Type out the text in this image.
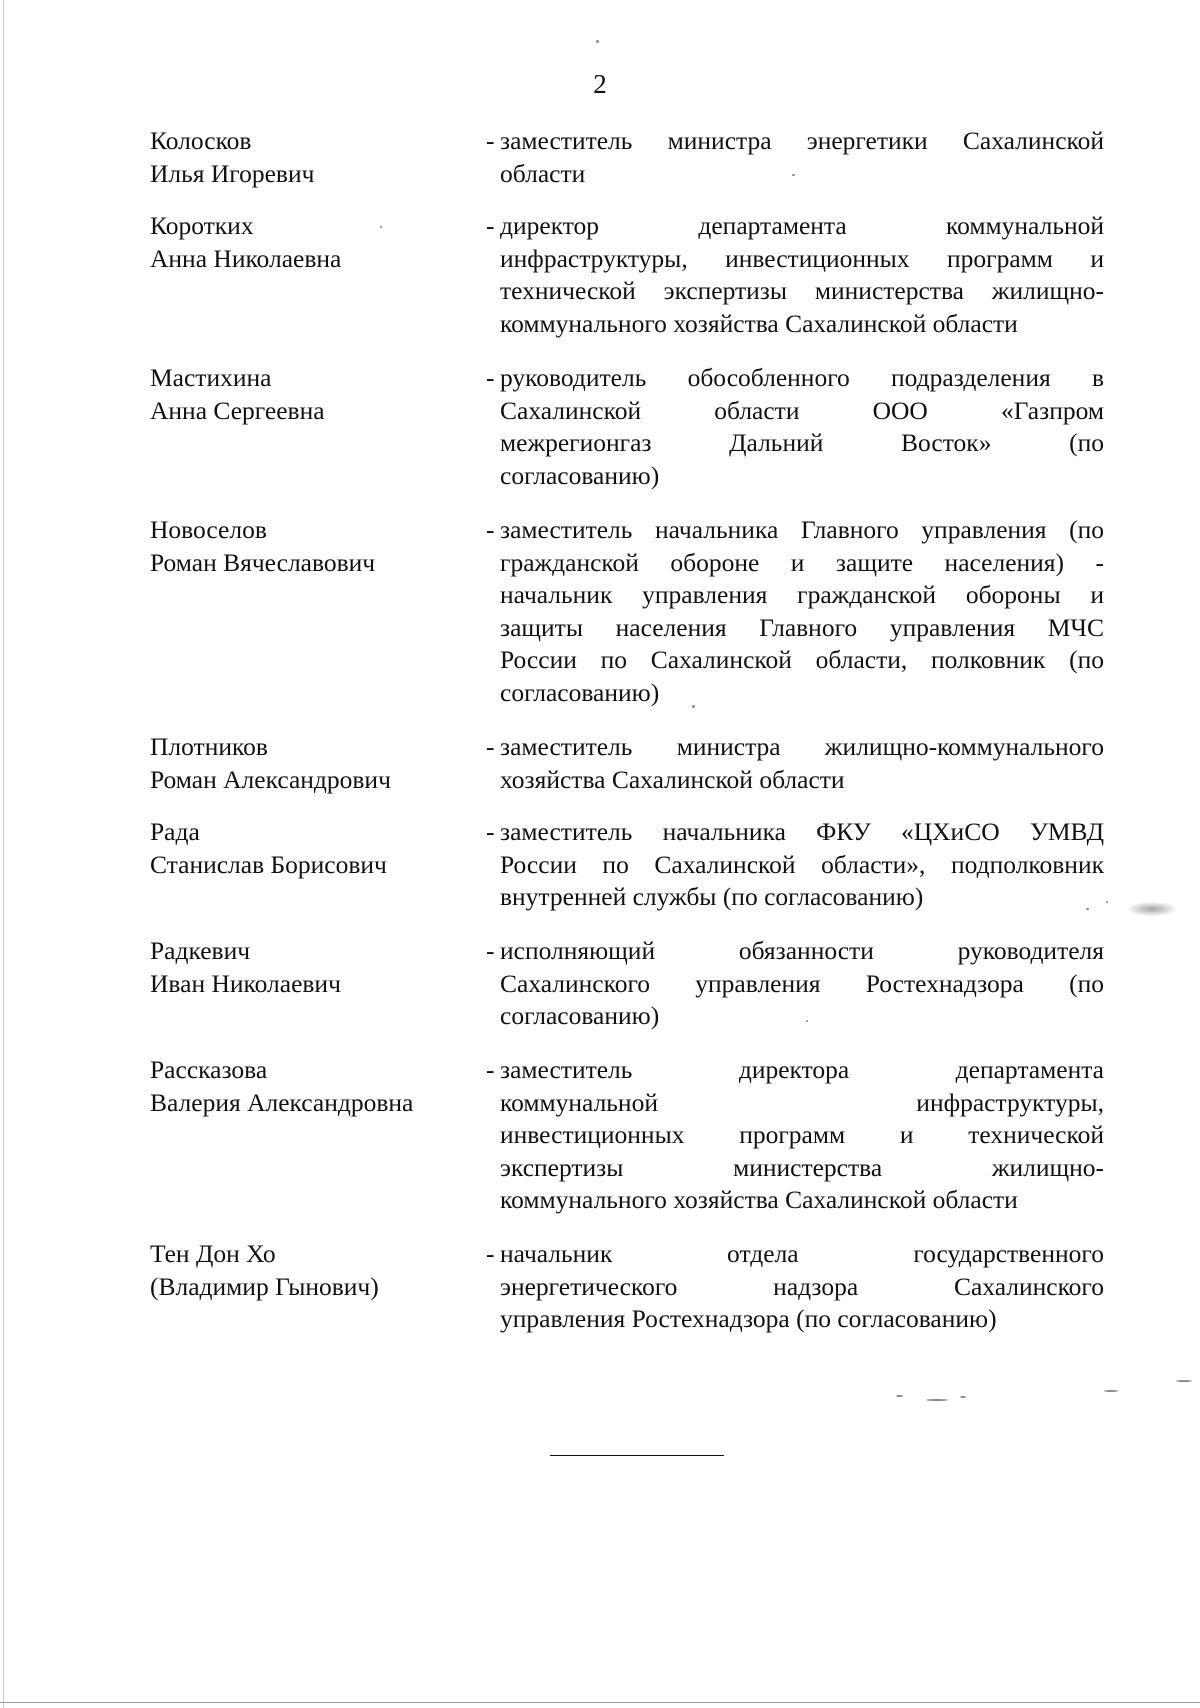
2
Колосков
Илья Игоревич
- заместитель министра энергетики Сахалинской
области
Коротких
Анна Николаевна
- директор департамента коммунальной
инфраструктуры, инвестиционных программ и
технической экспертизы министерства жилищно-
коммунального хозяйства Сахалинской области
Мастихина
Анна Сергеевна
- руководитель обособленного подразделения в
Сахалинской области ООО «Газпром
межрегионгаз Дальний Восток» (по
согласованию)
Новоселов
Роман Вячеславович
- заместитель начальника Главного управления (по
гражданской обороне и защите населения) -
начальник управления гражданской обороны и
защиты населения Главного управления МЧС
России по Сахалинской области, полковник (по
согласованию)
Плотников
Роман Александрович
- заместитель министра жилищно-коммунального
хозяйства Сахалинской области
Рада
Станислав Борисович
- заместитель начальника ФКУ «ЦХиСО УМВД
России по Сахалинской области», подполковник
внутренней службы (по согласованию)
Радкевич
Иван Николаевич
- исполняющий обязанности руководителя
Сахалинского управления Ростехнадзора (по
согласованию)
Рассказова
Валерия Александровна
- заместитель директора департамента
коммунальной инфраструктуры,
инвестиционных программ и технической
экспертизы министерства жилищно-
коммунального хозяйства Сахалинской области
Тен Дон Хо
(Владимир Гынович)
- начальник отдела государственного
энергетического надзора Сахалинского
управления Ростехнадзора (по согласованию)
